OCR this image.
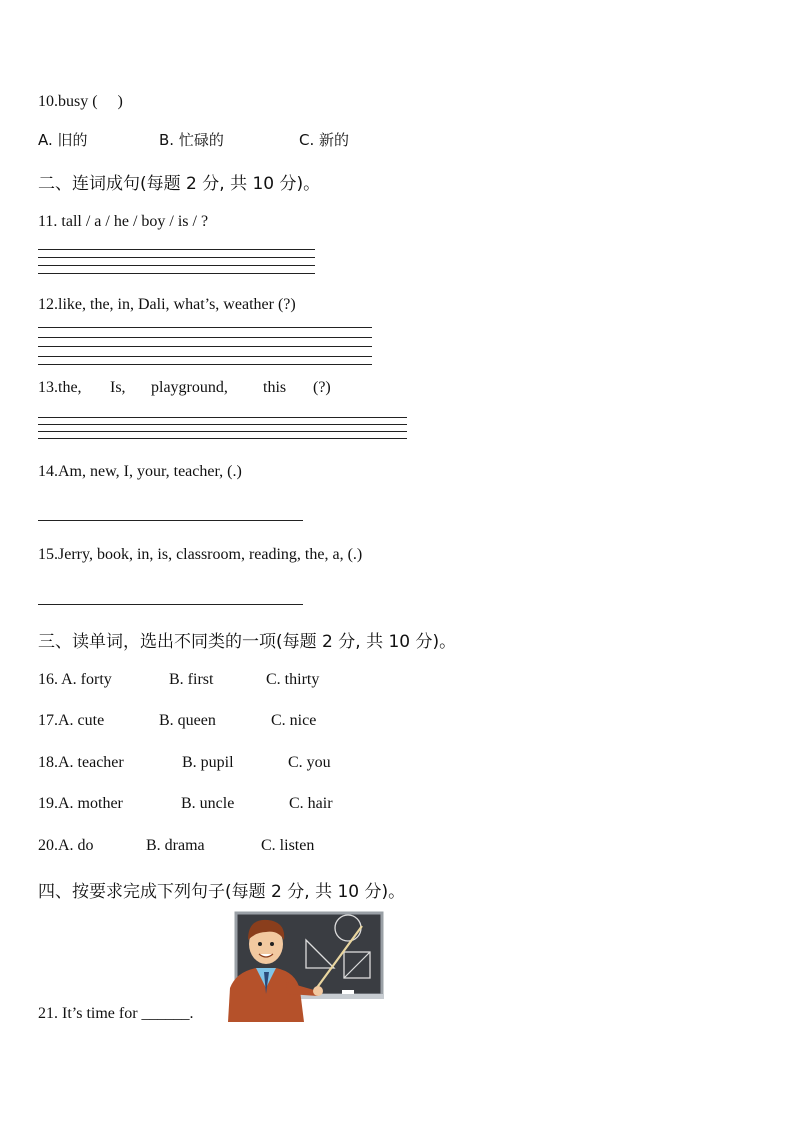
10.busy (　 )
A. 旧的	B. 忙碌的	C. 新的
二、连词成句(每题 2 分, 共 10 分)。
11. tall / a / he / boy / is / ?
12.like, the, in, Dali, what’s, weather (?)
13.the, Is, playground, this (?)
14.Am, new, I, your, teacher, (.)
15.Jerry, book, in, is, classroom, reading, the, a, (.)
三、读单词，选出不同类的一项(每题 2 分, 共 10 分)。
16. A. forty	B. first	C. thirty
17.A. cute	B. queen	C. nice
18.A. teacher	B. pupil	C. you
19.A. mother	B. uncle	C. hair
20.A. do	B. drama	C. listen
四、按要求完成下列句子(每题 2 分, 共 10 分)。
21. It’s time for ______.
